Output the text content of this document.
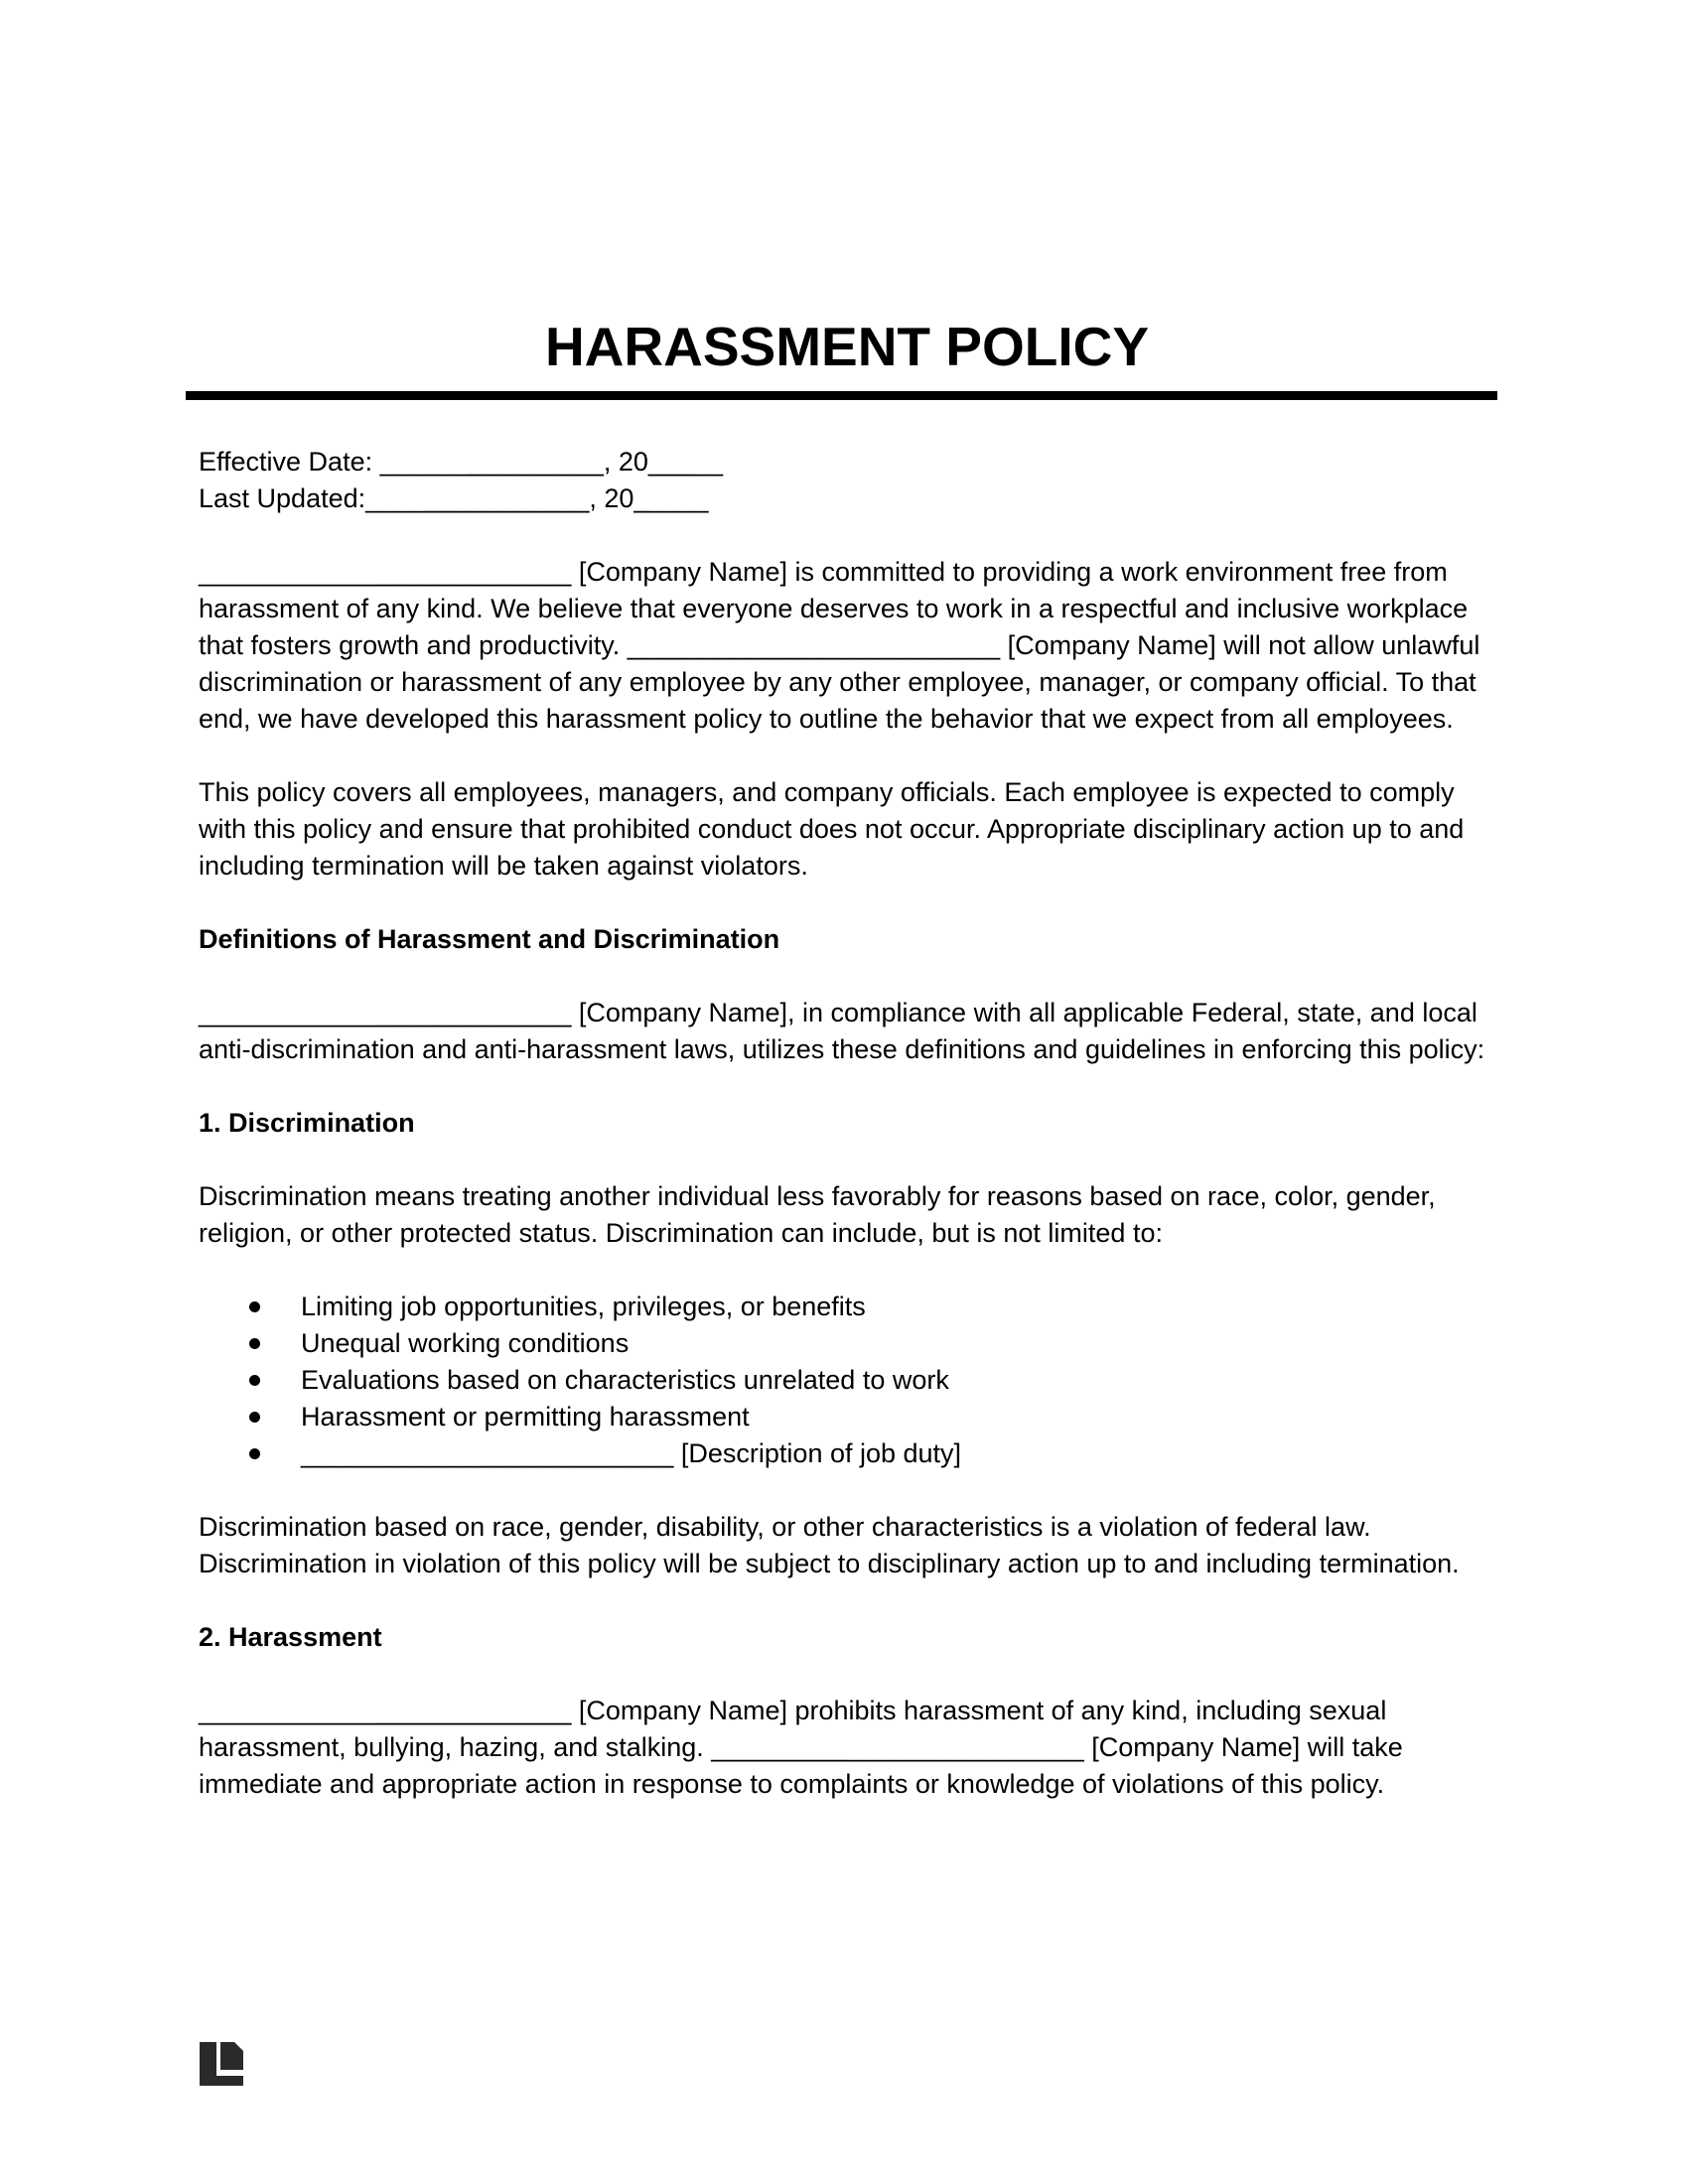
HARASSMENT POLICY
Effective Date: _______________, 20_____
Last Updated:_______________, 20_____

_________________________ [Company Name] is committed to providing a work environment free from harassment of any kind. We believe that everyone deserves to work in a respectful and inclusive workplace that fosters growth and productivity. _________________________ [Company Name] will not allow unlawful discrimination or harassment of any employee by any other employee, manager, or company official. To that end, we have developed this harassment policy to outline the behavior that we expect from all employees.

This policy covers all employees, managers, and company officials. Each employee is expected to comply with this policy and ensure that prohibited conduct does not occur. Appropriate disciplinary action up to and including termination will be taken against violators.

Definitions of Harassment and Discrimination

_________________________ [Company Name], in compliance with all applicable Federal, state, and local anti-discrimination and anti-harassment laws, utilizes these definitions and guidelines in enforcing this policy:

1. Discrimination

Discrimination means treating another individual less favorably for reasons based on race, color, gender, religion, or other protected status. Discrimination can include, but is not limited to:

Limiting job opportunities, privileges, or benefits
Unequal working conditions
Evaluations based on characteristics unrelated to work
Harassment or permitting harassment
_________________________ [Description of job duty]

Discrimination based on race, gender, disability, or other characteristics is a violation of federal law. Discrimination in violation of this policy will be subject to disciplinary action up to and including termination.

2. Harassment

_________________________ [Company Name] prohibits harassment of any kind, including sexual harassment, bullying, hazing, and stalking. _________________________ [Company Name] will take immediate and appropriate action in response to complaints or knowledge of violations of this policy.
